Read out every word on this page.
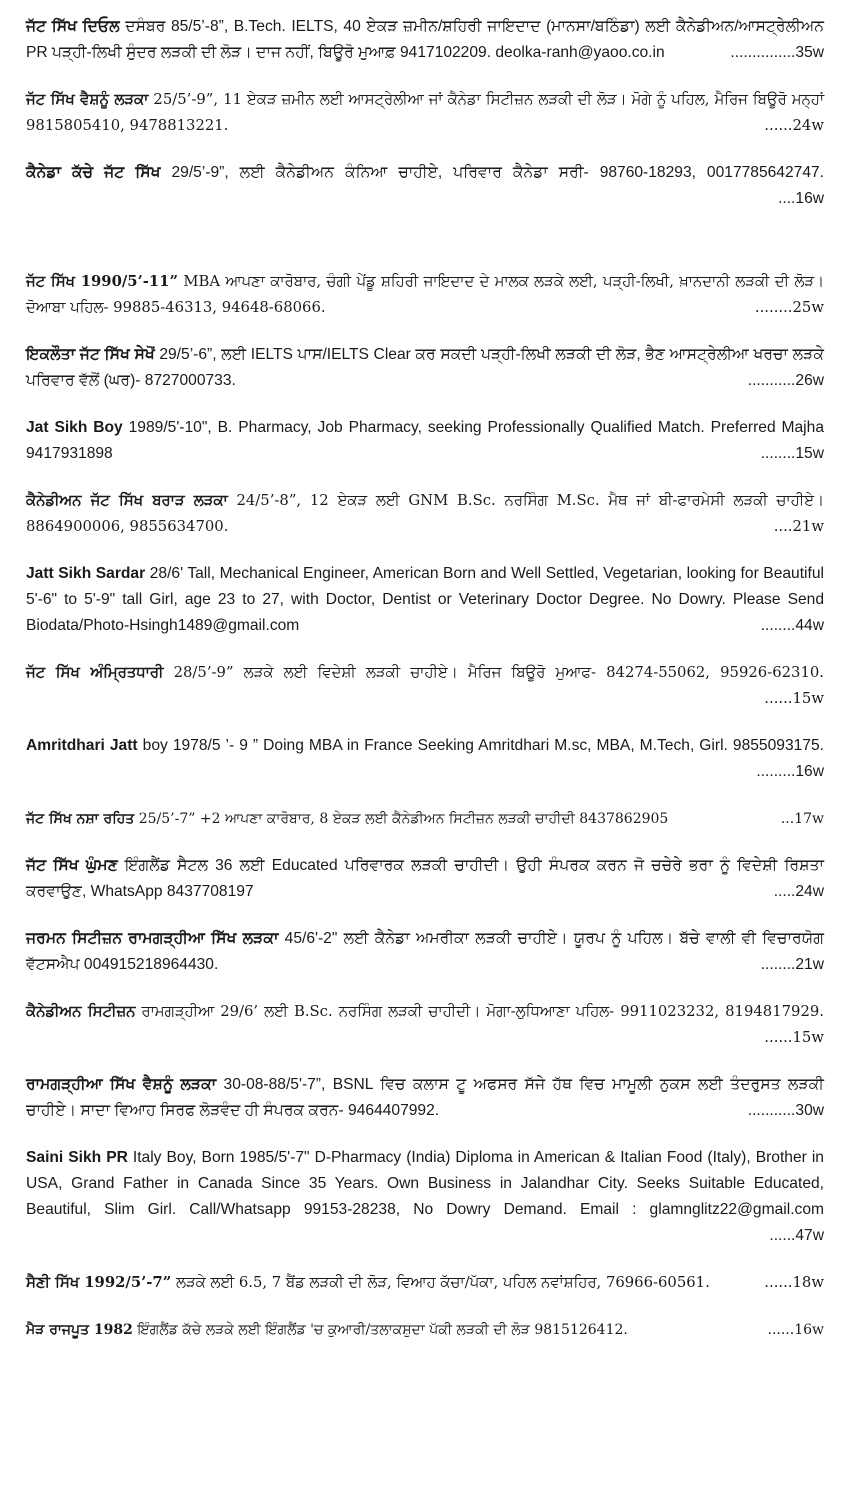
ਜੱਟ ਸਿੱਖ ਦਿਓਲ ਦਸੰਬਰ 85/5’-8”, B.Tech. IELTS, 40 ਏਕੜ ਜ਼ਮੀਨ/ਸ਼ਹਿਰੀ ਜਾਇਦਾਦ (ਮਾਨਸਾ/ਬਠਿੰਡਾ) ਲਈ ਕੈਨੇਡੀਅਨ/ਆਸਟ੍ਰੇਲੀਅਨ PR ਪੜ੍ਹੀ-ਲਿਖੀ ਸੁੰਦਰ ਲੜਕੀ ਦੀ ਲੋੜ। ਦਾਜ ਨਹੀਂ, ਬਿਊਰੋ ਮੁਆਫ਼ 9417102209. deolka-ranh@yaoo.co.in	...............35w

ਜੱਟ ਸਿੱਖ ਵੈਸ਼ਨੂੰ ਲੜਕਾ 25/5’-9”, 11 ਏਕੜ ਜ਼ਮੀਨ ਲਈ ਆਸਟ੍ਰੇਲੀਆ ਜਾਂ ਕੈਨੇਡਾ ਸਿਟੀਜ਼ਨ ਲੜਕੀ ਦੀ ਲੋੜ। ਮੋਗੇ ਨੂੰ ਪਹਿਲ, ਮੈਰਿਜ ਬਿਊਰੋ ਮਨ੍ਹਾਂ 9815805410, 9478813221.	......24w

ਕੈਨੇਡਾ ਕੱਚੇ ਜੱਟ ਸਿੱਖ 29/5’-9”, ਲਈ ਕੈਨੇਡੀਅਨ ਕੰਨਿਆ ਚਾਹੀਏ, ਪਰਿਵਾਰ ਕੈਨੇਡਾ ਸਰੀ- 98760-18293, 0017785642747.
....16w

ਜੱਟ ਸਿੱਖ 1990/5’-11” MBA ਆਪਣਾ ਕਾਰੋਬਾਰ, ਚੰਗੀ ਪੇਂਡੂ ਸ਼ਹਿਰੀ ਜਾਇਦਾਦ ਦੇ ਮਾਲਕ ਲੜਕੇ ਲਈ, ਪੜ੍ਹੀ-ਲਿਖੀ, ਖ਼ਾਨਦਾਨੀ ਲੜਕੀ ਦੀ ਲੋੜ। ਦੋਆਬਾ ਪਹਿਲ- 99885-46313, 94648-68066.	........25w

ਇਕਲੌਤਾ ਜੱਟ ਸਿੱਖ ਸੇਖੋਂ 29/5’-6”, ਲਈ IELTS ਪਾਸ/IELTS Clear ਕਰ ਸਕਦੀ ਪੜ੍ਹੀ-ਲਿਖੀ ਲੜਕੀ ਦੀ ਲੋੜ, ਭੈਣ ਆਸਟ੍ਰੇਲੀਆ ਖਰਚਾ ਲੜਕੇ ਪਰਿਵਾਰ ਵੱਲੋਂ (ਘਰ)- 8727000733.	...........26w

Jat Sikh Boy 1989/5'-10", B. Pharmacy, Job Pharmacy, seeking Professionally Qualified Match. Preferred Majha 9417931898	........15w

ਕੈਨੇਡੀਅਨ ਜੱਟ ਸਿੱਖ ਬਰਾੜ ਲੜਕਾ 24/5’-8”, 12 ਏਕੜ ਲਈ GNM B.Sc. ਨਰਸਿੰਗ M.Sc. ਮੈਥ ਜਾਂ ਬੀ-ਫਾਰਮੇਸੀ ਲੜਕੀ ਚਾਹੀਏ। 8864900006, 9855634700.	....21w

Jatt Sikh Sardar 28/6' Tall, Mechanical Engineer, American Born and Well Settled, Vegetarian, looking for Beautiful 5'-6" to 5'-9" tall Girl, age 23 to 27, with Doctor, Dentist or Veterinary Doctor Degree. No Dowry. Please Send Biodata/Photo-Hsingh1489@gmail.com	........44w

ਜੱਟ ਸਿੱਖ ਅੰਮ੍ਰਿਤਧਾਰੀ 28/5’-9” ਲੜਕੇ ਲਈ ਵਿਦੇਸ਼ੀ ਲੜਕੀ ਚਾਹੀਏ। ਮੈਰਿਜ ਬਿਊਰੋ ਮੁਆਫ- 84274-55062, 95926-62310.
......15w

Amritdhari Jatt boy 1978/5 ’- 9 ” Doing MBA in France Seeking Amritdhari M.sc, MBA, M.Tech, Girl. 9855093175.
.........16w

ਜੱਟ ਸਿੱਖ ਨਸ਼ਾ ਰਹਿਤ 25/5’-7” +2 ਆਪਣਾ ਕਾਰੋਬਾਰ, 8 ਏਕੜ ਲਈ ਕੈਨੇਡੀਅਨ ਸਿਟੀਜ਼ਨ ਲੜਕੀ ਚਾਹੀਦੀ 8437862905	...17w

ਜੱਟ ਸਿੱਖ ਘੁੰਮਣ ਇੰਗਲੈਂਡ ਸੈਟਲ 36 ਲਈ Educated ਪਰਿਵਾਰਕ ਲੜਕੀ ਚਾਹੀਦੀ। ਉਹੀ ਸੰਪਰਕ ਕਰਨ ਜੋ ਚਚੇਰੇ ਭਰਾ ਨੂੰ ਵਿਦੇਸ਼ੀ ਰਿਸ਼ਤਾ ਕਰਵਾਉਣ, WhatsApp 8437708197	.....24w

ਜਰਮਨ ਸਿਟੀਜ਼ਨ ਰਾਮਗੜ੍ਹੀਆ ਸਿੱਖ ਲੜਕਾ 45/6'-2" ਲਈ ਕੈਨੇਡਾ ਅਮਰੀਕਾ ਲੜਕੀ ਚਾਹੀਏ। ਯੂਰਪ ਨੂੰ ਪਹਿਲ। ਬੱਚੇ ਵਾਲੀ ਵੀ ਵਿਚਾਰਯੋਗ ਵੱਟਸਐਪ 004915218964430.	........21w

ਕੈਨੇਡੀਅਨ ਸਿਟੀਜ਼ਨ ਰਾਮਗੜ੍ਹੀਆ 29/6’ ਲਈ B.Sc. ਨਰਸਿੰਗ ਲੜਕੀ ਚਾਹੀਦੀ। ਮੋਗਾ-ਲੁਧਿਆਣਾ ਪਹਿਲ- 9911023232, 8194817929.
......15w

ਰਾਮਗੜ੍ਹੀਆ ਸਿੱਖ ਵੈਸ਼ਨੂੰ ਲੜਕਾ 30-08-88/5'-7”, BSNL ਵਿਚ ਕਲਾਸ ਟੂ ਅਫਸਰ ਸੱਜੇ ਹੱਥ ਵਿਚ ਮਾਮੂਲੀ ਨੁਕਸ ਲਈ ਤੰਦਰੁਸਤ ਲੜਕੀ ਚਾਹੀਏ। ਸਾਦਾ ਵਿਆਹ ਸਿਰਫ ਲੋੜਵੰਦ ਹੀ ਸੰਪਰਕ ਕਰਨ- 9464407992.	...........30w

Saini Sikh PR Italy Boy, Born 1985/5'-7" D-Pharmacy (India) Diploma in American & Italian Food (Italy), Brother in USA, Grand Father in Canada Since 35 Years. Own Business in Jalandhar City. Seeks Suitable Educated, Beautiful, Slim Girl. Call/Whatsapp 99153-28238, No Dowry Demand. Email : glamnglitz22@gmail.com
......47w

ਸੈਣੀ ਸਿੱਖ 1992/5’-7” ਲੜਕੇ ਲਈ 6.5, 7 ਬੈਂਡ ਲੜਕੀ ਦੀ ਲੋੜ, ਵਿਆਹ ਕੱਚਾ/ਪੱਕਾ, ਪਹਿਲ ਨਵਾਂਸ਼ਹਿਰ, 76966-60561.	......18w

ਮੈੜ ਰਾਜਪੂਤ 1982 ਇੰਗਲੈਂਡ ਕੱਚੇ ਲੜਕੇ ਲਈ ਇੰਗਲੈਂਡ 'ਚ ਕੁਆਰੀ/ਤਲਾਕਸ਼ੁਦਾ ਪੱਕੀ ਲੜਕੀ ਦੀ ਲੋੜ 9815126412.	......16w
